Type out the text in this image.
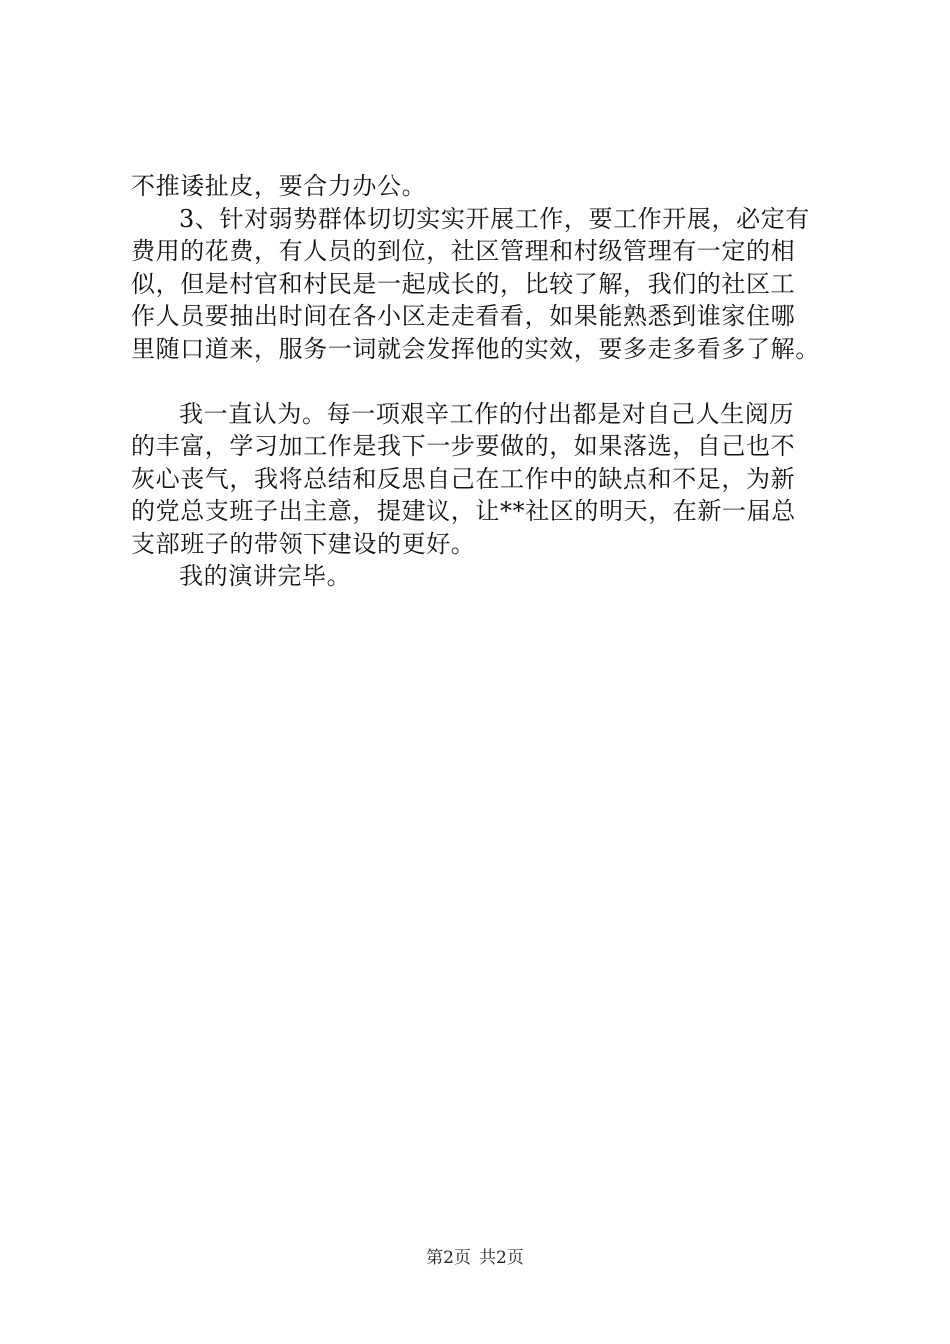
不推诿扯皮，要合力办公。
3、针对弱势群体切切实实开展工作，要工作开展，必定有
费用的花费，有人员的到位，社区管理和村级管理有一定的相
似，但是村官和村民是一起成长的，比较了解，我们的社区工
作人员要抽出时间在各小区走走看看，如果能熟悉到谁家住哪
里随口道来，服务一词就会发挥他的实效，要多走多看多了解。
我一直认为。每一项艰辛工作的付出都是对自己人生阅历
的丰富，学习加工作是我下一步要做的，如果落选，自己也不
灰心丧气，我将总结和反思自己在工作中的缺点和不足，为新
的党总支班子出主意，提建议，让**社区的明天，在新一届总
支部班子的带领下建设的更好。
我的演讲完毕。
第2页 共2页
